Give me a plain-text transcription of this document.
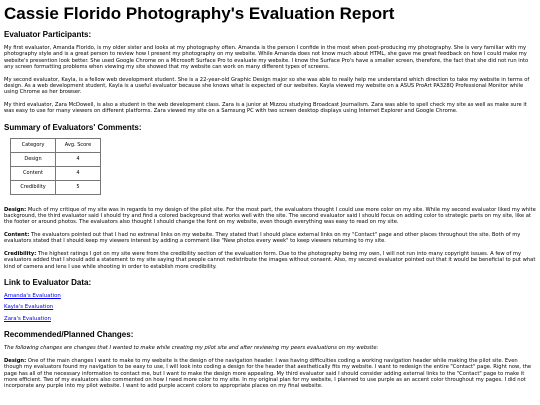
Cassie Florido Photography's Evaluation Report
Evaluator Participants:

My first evaluator, Amanda Florido, is my older sister and looks at my photography often. Amanda is the person I confide in the most when post-producing my photography. She is very familiar with my photography style and is a great person to review how I present my photography on my website. While Amanda does not know much about HTML, she gave me great feedback on how I could make my website's presention look better. She used Google Chrome on a Microsoft Surface Pro to evaluate my website. I know the Surface Pro's have a smaller screen, therefore, the fact that she did not run into any screen formatting problems when viewing my site showed that my website can work on many different types of screens.

My second evaluator, Kayla, is a fellow web development student. She is a 22-year-old Graphic Design major so she was able to really help me understand which direction to take my website in terms of design. As a web development student, Kayla is a useful evaluator because she knows what is expected of our websites. Kayla viewed my website on a ASUS ProArt PA328Q Professional Monitor while using Chrome as her browser.

My third evaluator, Zara McDowell, is also a student in the web development class. Zara is a junior at Mizzou studying Broadcast Journalism. Zara was able to spell check my site as well as make sure it was easy to use for many viewers on different platforms. Zara viewed my site on a Samsung PC with two screen desktop displays using Internet Explorer and Google Chrome.

Summary of Evaluators' Comments:
Category	Avg. Score
Design	4
Content	4
Credibility	5

Design: Much of my critique of my site was in regards to my design of the pilot site. For the most part, the evaluators thought I could use more color on my site. While my second evaluator liked my white background, the third evaluator said I should try and find a colored background that works well with the site. The second evaluator said I should focus on adding color to strategic parts on my site, like at the footer or around photos. The evaluators also thought I should change the font on my website, even though everything was easy to read on my site.

Content: The evaluators pointed out that I had no extrenal links on my website. They stated that I should place external links on my "Contact" page and other places throughout the site. Both of my evaluators stated that I should keep my viewers interest by adding a comment like "New photos every week" to keep viewers returning to my site.

Credibility: The highest ratings I got on my site were from the credibility section of the evaluation form. Due to the photography being my own, I will not run into many copyright issues. A few of my evaluators added that I should add a statement to my site saying that people cannot redistribute the images without consent. Also, my second evaluator pointed out that it would be beneficial to put what kind of camera and lens I use while shooting in order to establish more credibility.

Link to Evaluator Data:
Amanda's Evaluation
Kayla's Evaluation
Zara's Evaluation
Recommended/Planned Changes:

The following changes are changes that I wanted to make while creating my pilot site and after reviewing my peers evaluations on my website:

Design: One of the main changes I want to make to my website is the design of the navigation header. I was having difficulties coding a working navigation header while making the pilot site. Even though my evaluators found my navigation to be easy to use, I will look into coding a design for the header that aesthetically fits my website. I want to redesign the entire "Contact" page. Right now, the page has all of the necessary information to contact me, but I want to make the design more appealing. My third evaluator said I should consider adding external links to the "Contact" page to make it more efficient. Two of my evaluators also commented on how I need more color to my site. In my original plan for my website, I planned to use purple as an accent color throughout my pages. I did not incorporate any purple into my pilot website. I want to add purple accent colors to appropriate places on my final website.
